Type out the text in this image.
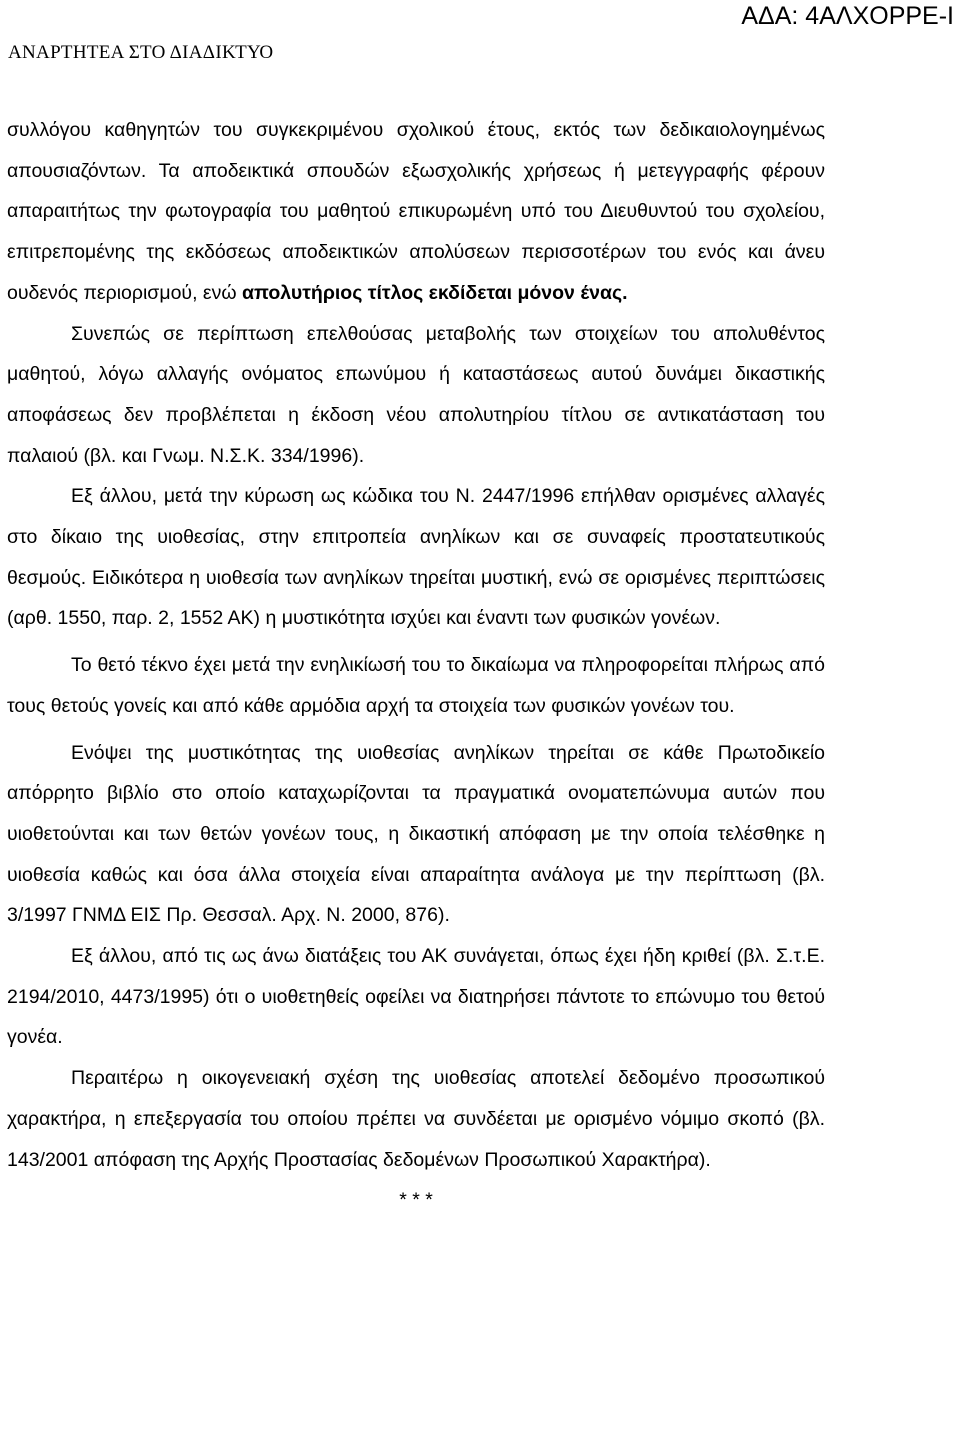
ΑΝΑΡΤΗΤΕΑ ΣΤΟ ΔΙΑΔΙΚΤΥΟ
ΑΔΑ: 4ΑΛΧΟΡΡΕ-Ι

συλλόγου καθηγητών του συγκεκριμένου σχολικού έτους, εκτός των δεδικαιολογημένως απουσιαζόντων. Τα αποδεικτικά σπουδών εξωσχολικής χρήσεως ή μετεγγραφής φέρουν απαραιτήτως την φωτογραφία του μαθητού επικυρωμένη υπό του Διευθυντού του σχολείου, επιτρεπομένης της εκδόσεως αποδεικτικών απολύσεων περισσοτέρων του ενός και άνευ ουδενός περιορισμού, ενώ απολυτήριος τίτλος εκδίδεται μόνον ένας.

Συνεπώς σε περίπτωση επελθούσας μεταβολής των στοιχείων του απολυθέντος μαθητού, λόγω αλλαγής ονόματος επωνύμου ή καταστάσεως αυτού δυνάμει δικαστικής αποφάσεως δεν προβλέπεται η έκδοση νέου απολυτηρίου τίτλου σε αντικατάσταση του παλαιού (βλ. και Γνωμ. Ν.Σ.Κ. 334/1996).

Εξ άλλου, μετά την κύρωση ως κώδικα του Ν. 2447/1996 επήλθαν ορισμένες αλλαγές στο δίκαιο της υιοθεσίας, στην επιτροπεία ανηλίκων και σε συναφείς προστατευτικούς θεσμούς. Ειδικότερα η υιοθεσία των ανηλίκων τηρείται μυστική, ενώ σε ορισμένες περιπτώσεις (αρθ. 1550, παρ. 2, 1552 ΑΚ) η μυστικότητα ισχύει και έναντι των φυσικών γονέων.

Το θετό τέκνο έχει μετά την ενηλικίωσή του το δικαίωμα να πληροφορείται πλήρως από τους θετούς γονείς και από κάθε αρμόδια αρχή τα στοιχεία των φυσικών γονέων του.

Ενόψει της μυστικότητας της υιοθεσίας ανηλίκων τηρείται σε κάθε Πρωτοδικείο απόρρητο βιβλίο στο οποίο καταχωρίζονται τα πραγματικά ονοματεπώνυμα αυτών που υιοθετούνται και των θετών γονέων τους, η δικαστική απόφαση με την οποία τελέσθηκε η υιοθεσία καθώς και όσα άλλα στοιχεία είναι απαραίτητα ανάλογα με την περίπτωση (βλ. 3/1997 ΓΝΜΔ ΕΙΣ Πρ. Θεσσαλ. Αρχ. Ν. 2000, 876).

Εξ άλλου, από τις ως άνω διατάξεις του ΑΚ συνάγεται, όπως έχει ήδη κριθεί (βλ. Σ.τ.Ε. 2194/2010, 4473/1995) ότι ο υιοθετηθείς οφείλει να διατηρήσει πάντοτε το επώνυμο του θετού γονέα.

Περαιτέρω η οικογενειακή σχέση της υιοθεσίας αποτελεί δεδομένο προσωπικού χαρακτήρα, η επεξεργασία του οποίου πρέπει να συνδέεται με ορισμένο νόμιμο σκοπό (βλ. 143/2001 απόφαση της Αρχής Προστασίας δεδομένων Προσωπικού Χαρακτήρα).

* * *
